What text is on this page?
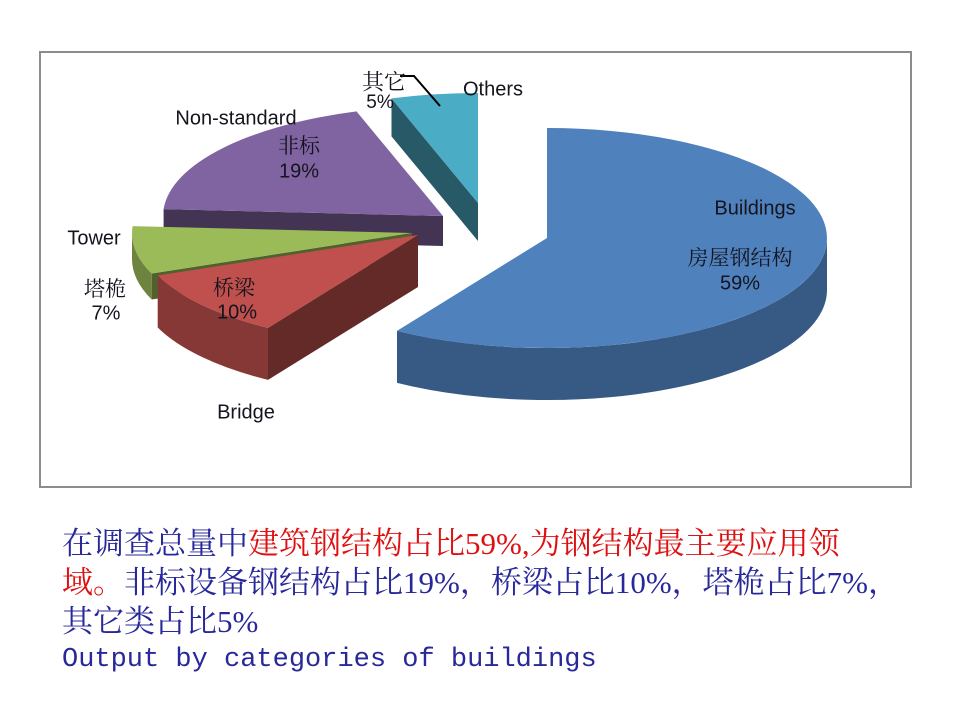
其它
5%
Others
Non-standard
非标
19%
Tower
塔桅
7%
桥梁
10%
Bridge
Buildings
房屋钢结构
59%
在调查总量中建筑钢结构占比59%,为钢结构最主要应用领
域。非标设备钢结构占比19%，桥梁占比10%，塔桅占比7%，
其它类占比5%
Output by categories of buildings
